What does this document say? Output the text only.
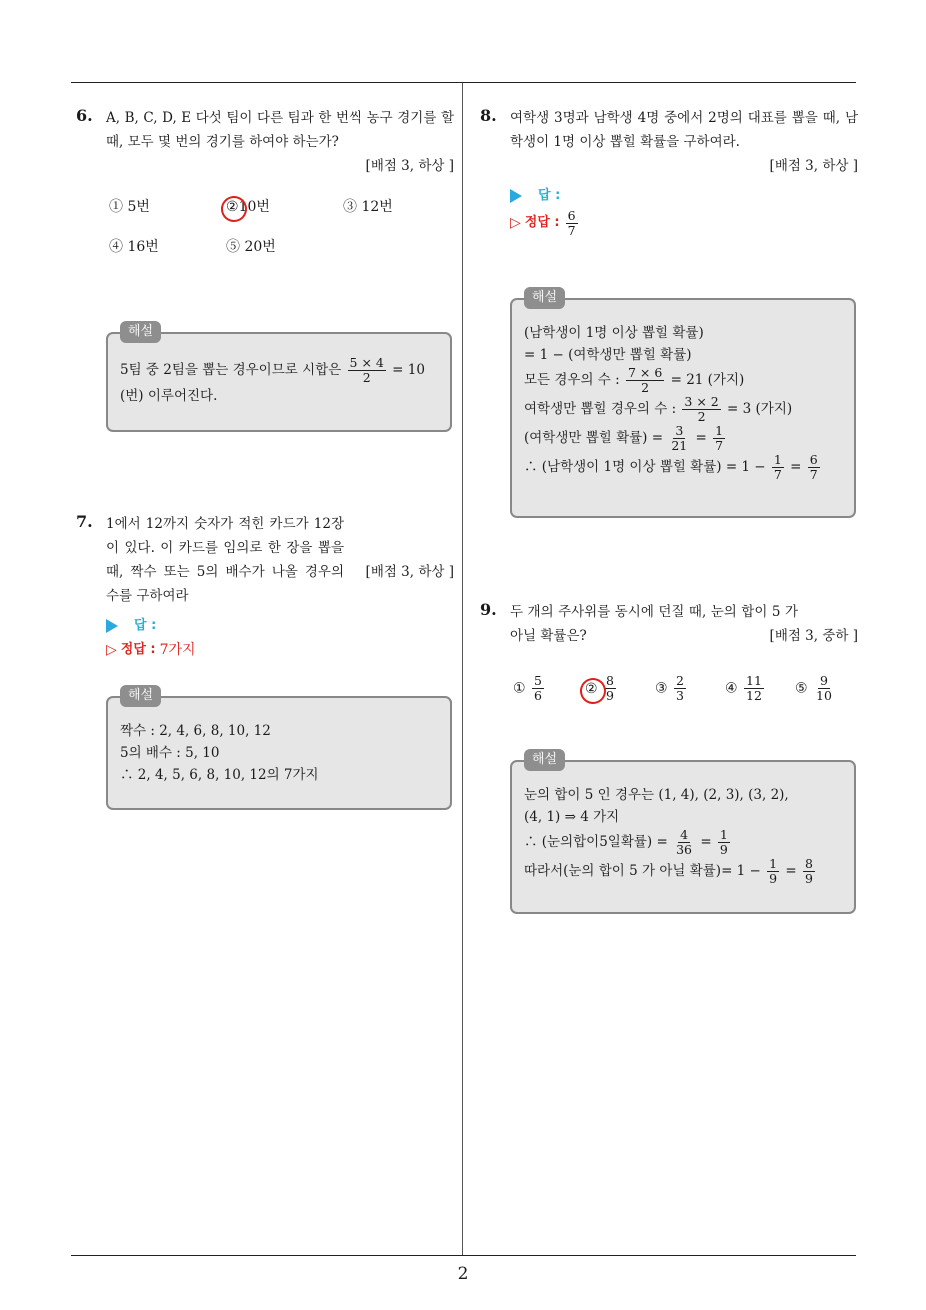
2
6. A, B, C, D, E 다섯 팀이 다른 팀과 한 번씩 농구 경기를 할 때, 모두 몇 번의 경기를 하여야 하는가?
[배점 3, 하상 ]
① 5번	②10번	③ 12번
④ 16번	⑤ 20번
해설
5팀 중 2팀을 뽑는 경우이므로 시합은 $\frac{5 \times 4}{2} = 10$
(번) 이루어진다.
7. 1에서 12까지 숫자가 적힌 카드가 12장이 있다. 이 카드를 임의로 한 장을 뽑을 때, 짝수 또는 5의 배수가 나올 경우의 수를 구하여라
[배점 3, 하상 ]
답 :
▷ 정답 : 7가지
해설
짝수 : 2, 4, 6, 8, 10, 12
5의 배수 : 5, 10
∴ 2, 4, 5, 6, 8, 10, 12의 7가지
8. 여학생 3명과 남학생 4명 중에서 2명의 대표를 뽑을 때, 남학생이 1명 이상 뽑힐 확률을 구하여라.
[배점 3, 하상 ]
답 :
▷ 정답 : $\frac{6}{7}$
해설
(남학생이 1명 이상 뽑힐 확률)
= 1 − (여학생만 뽑힐 확률)
모든 경우의 수 : $\frac{7 \times 6}{2} = 21$ (가지)
여학생만 뽑힐 경우의 수 : $\frac{3 \times 2}{2} = 3$ (가지)
(여학생만 뽑힐 확률) = $\frac{3}{21} = \frac{1}{7}$
∴ (남학생이 1명 이상 뽑힐 확률) = $1 - \frac{1}{7} = \frac{6}{7}$
9. 두 개의 주사위를 동시에 던질 때, 눈의 합이 5 가 아닐 확률은?	[배점 3, 중하 ]
① $\frac{5}{6}$	② $\frac{8}{9}$	③ $\frac{2}{3}$	④ $\frac{11}{12}$ ⑤ $\frac{9}{10}$
해설
눈의 합이 5 인 경우는 (1, 4), (2, 3), (3, 2),
(4, 1) ⇒ 4 가지
∴ (눈의합이5일확률) = $\frac{4}{36} = \frac{1}{9}$
따라서(눈의 합이 5 가 아닐 확률)= $1 - \frac{1}{9} = \frac{8}{9}$
